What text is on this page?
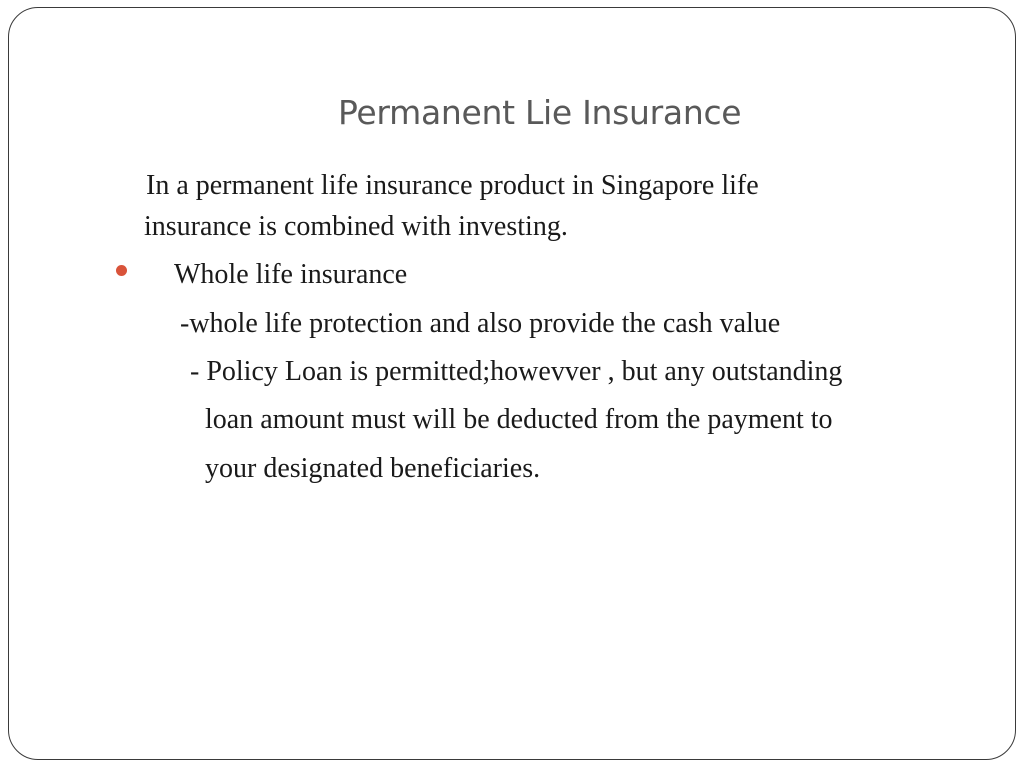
Permanent Lie Insurance
In a permanent life insurance product in Singapore life
insurance is combined with investing.
Whole life insurance
-whole life protection and also provide the cash value
- Policy Loan is permitted;howevver , but any outstanding
loan amount must will be deducted from the payment to
your designated beneficiaries.
